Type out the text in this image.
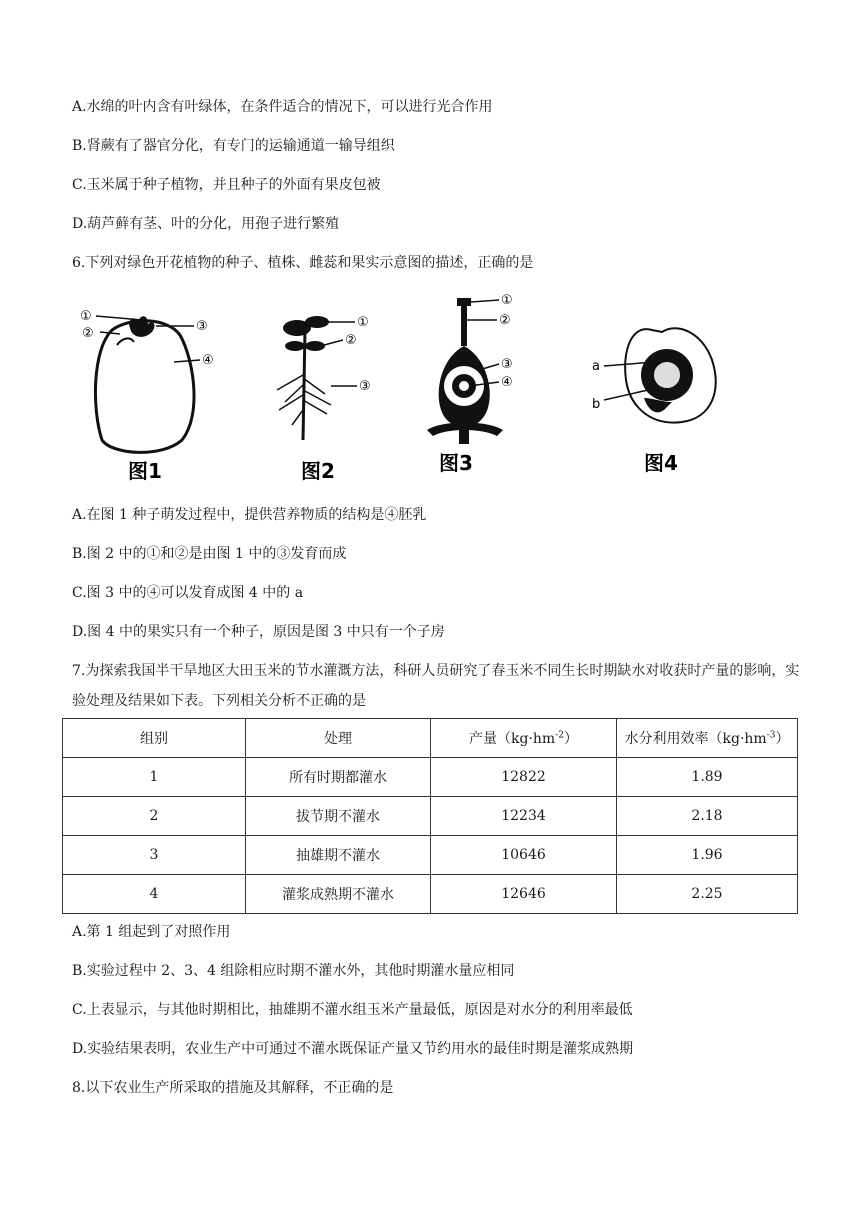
A.水绵的叶内含有叶绿体，在条件适合的情况下，可以进行光合作用
B.肾蕨有了器官分化，有专门的运输通道一输导组织
C.玉米属于种子植物，并且种子的外面有果皮包被
D.葫芦藓有茎、叶的分化，用孢子进行繁殖
6.下列对绿色开花植物的种子、植株、雌蕊和果实示意图的描述，正确的是
①
②	③
④
图1
①
②
③
图2
①
②
③
④
图3
a
b
图4
A.在图 1 种子萌发过程中，提供营养物质的结构是④胚乳
B.图 2 中的①和②是由图 1 中的③发育而成
C.图 3 中的④可以发育成图 4 中的 a
D.图 4 中的果实只有一个种子，原因是图 3 中只有一个子房
7.为探索我国半干旱地区大田玉米的节水灌溉方法，科研人员研究了春玉米不同生长时期缺水对收获时产量的影响，实验处理及结果如下表。下列相关分析不正确的是
组别	处理	产量$(kg\cdot hm^{-2})$	水分利用效率$(kg\cdot hm^{-3})$
1	所有时期都灌水	12822	1.89
2	拔节期不灌水	12234	2.18
3	抽雄期不灌水	10646	1.96
4	灌浆成熟期不灌水	12646	2.25
A.第 1 组起到了对照作用
B.实验过程中 2、3、4 组除相应时期不灌水外，其他时期灌水量应相同
C.上表显示，与其他时期相比，抽雄期不灌水组玉米产量最低，原因是对水分的利用率最低
D.实验结果表明，农业生产中可通过不灌水既保证产量又节约用水的最佳时期是灌浆成熟期
8.以下农业生产所采取的措施及其解释，不正确的是
